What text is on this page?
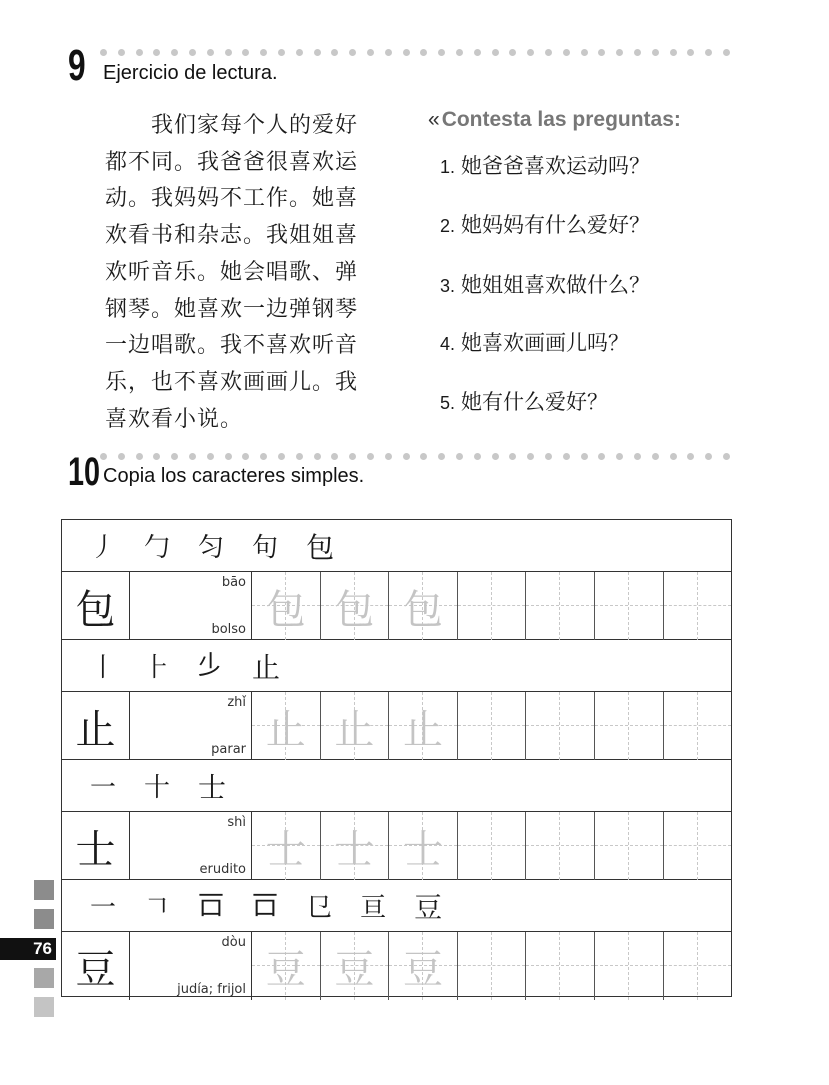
9 Ejercicio de lectura.
　　我们家每个人的爱好
都不同。我爸爸很喜欢运
动。我妈妈不工作。她喜
欢看书和杂志。我姐姐喜
欢听音乐。她会唱歌、弹
钢琴。她喜欢一边弹钢琴
一边唱歌。我不喜欢听音
乐，也不喜欢画画儿。我
喜欢看小说。
«Contesta las preguntas:
1. 她爸爸喜欢运动吗？
2. 她妈妈有什么爱好？
3. 她姐姐喜欢做什么？
4. 她喜欢画画儿吗？
5. 她有什么爱好？
10 Copia los caracteres simples.
丿 勹 匀 句 包
包
bāo
bolso 包 包 包
丨 ⺊ 𣥂 止
止
zhǐ
parar 止 止 止
一 十 士
士
shì
erudito 士 士 士
一 𠃍 𠮛 𠮛 㔾 亘 豆
豆
dòu
judía; frijol 豆 豆 豆
76
